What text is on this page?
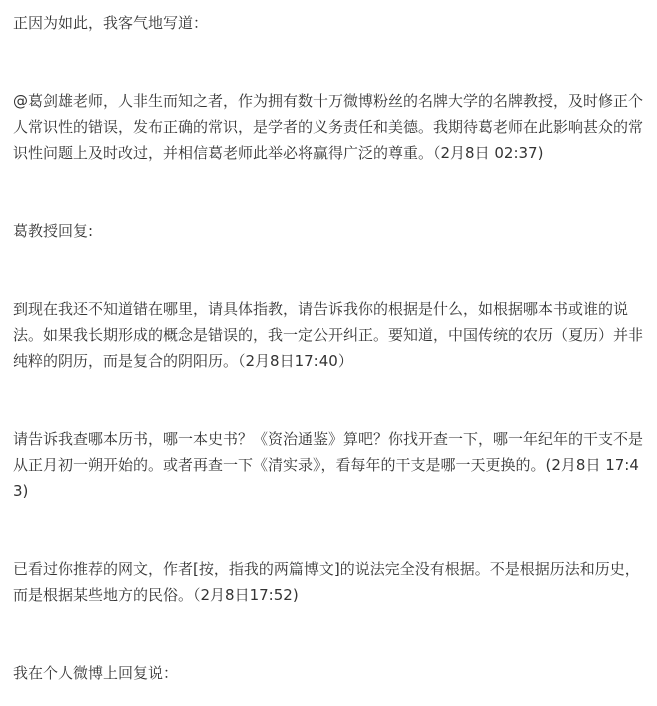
正因为如此，我客气地写道：

@葛剑雄老师，人非生而知之者，作为拥有数十万微博粉丝的名牌大学的名牌教授，及时修正个人常识性的错误，发布正确的常识，是学者的义务责任和美德。我期待葛老师在此影响甚众的常识性问题上及时改过，并相信葛老师此举必将赢得广泛的尊重。（2月8日 02:37)

葛教授回复:

到现在我还不知道错在哪里，请具体指教，请告诉我你的根据是什么，如根据哪本书或谁的说法。如果我长期形成的概念是错误的，我一定公开纠正。要知道，中国传统的农历（夏历）并非纯粹的阴历，而是复合的阴阳历。（2月8日17:40）

请告诉我查哪本历书，哪一本史书？《资治通鉴》算吧？你找开查一下，哪一年纪年的干支不是从正月初一朔开始的。或者再查一下《清实录》，看每年的干支是哪一天更换的。(2月8日 17:43)

已看过你推荐的网文，作者[按，指我的两篇博文]的说法完全没有根据。不是根据历法和历史，而是根据某些地方的民俗。（2月8日17:52)

我在个人微博上回复说：
